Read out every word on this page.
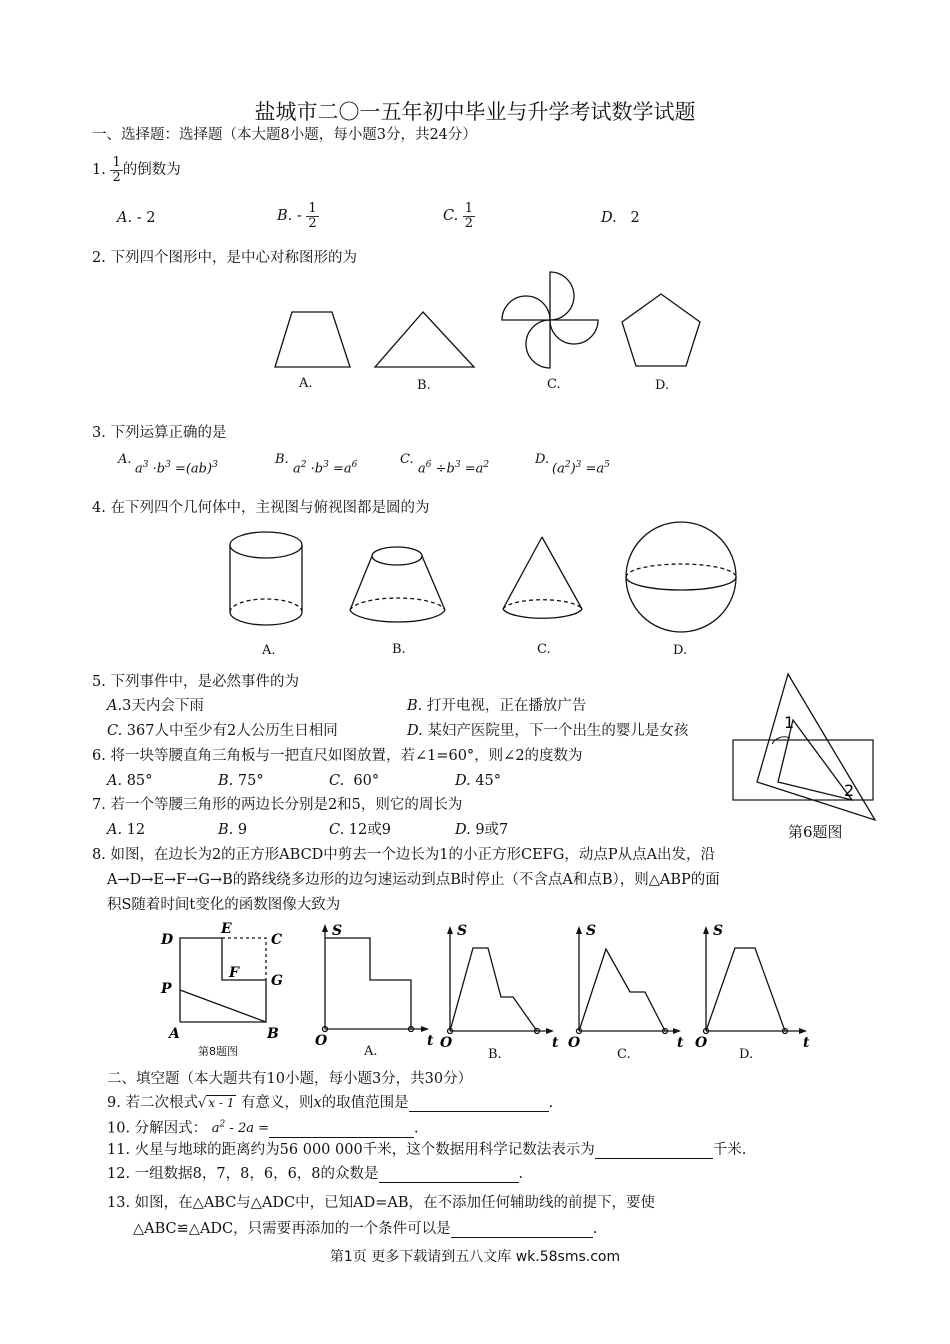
盐城市二〇一五年初中毕业与升学考试数学试题
一、选择题：选择题（本大题8小题，每小题3分，共24分）
1. $\frac{1}{2}$ 的倒数为
A. - 2	B. - $\frac{1}{2}$	C. $\frac{1}{2}$	D. 2
2. 下列四个图形中，是中心对称图形的为
A.	B.	C.	D.
3. 下列运算正确的是
A.
$a^3 \cdot b^3 =(ab)^3$	B.
$a^2 \cdot b^3 =a^6$	C.
$a^6 \div b^3 =a^2$	D.
$(a^2)^3 =a^5$
4. 在下列四个几何体中，主视图与俯视图都是圆的为
A.	B.	C.	D.
5. 下列事件中，是必然事件的为
A.3天内会下雨	B. 打开电视，正在播放广告
C. 367人中至少有2人公历生日相同	D. 某妇产医院里，下一个出生的婴儿是女孩
6. 将一块等腰直角三角板与一把直尺如图放置，若∠1=60°，则∠2的度数为
A. 85°	B. 75°	C. 60°	D. 45°
1
2
第6题图
7. 若一个等腰三角形的两边长分别是2和5，则它的周长为
A. 12	B. 9	C. 12或9	D. 9或7
8. 如图，在边长为2的正方形ABCD中剪去一个边长为1的小正方形CEFG，动点P从点A出发，沿
A→D→E→F→G→B的路线绕多边形的边匀速运动到点B时停止（不含点A和点B），则△ABP的面
积S随着时间t变化的函数图像大致为
D
E
C
F G
P
A	B
S
O	t
S
O	t
S
O	t
S
O	t
第8题图	A.	B.	C.	D.
二、填空题（本大题共有10小题，每小题3分，共30分）
9. 若二次根式√ x - 1 有意义，则x的取值范围是	.
10. 分解因式： $a^2 - 2a$ =	.
11. 火星与地球的距离约为56 000 000千米，这个数据用科学记数法表示为	千米.
12. 一组数据8，7，8，6，6，8的众数是	.
13. 如图，在△ABC与△ADC中，已知AD=AB，在不添加任何辅助线的前提下，要使
△ABC≌△ADC，只需要再添加的一个条件可以是	.
第1页 更多下载请到五八文库 wk.58sms.com
